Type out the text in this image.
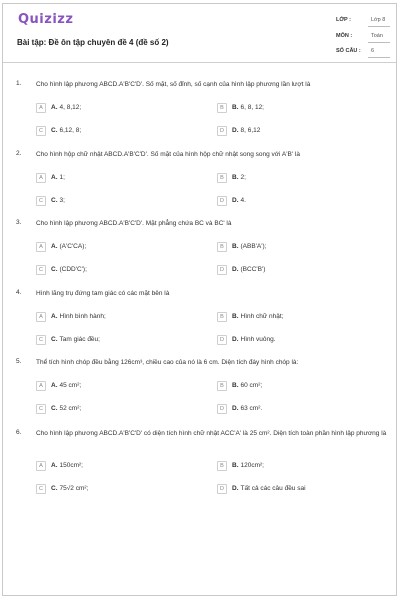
Quizizz
Bài tập: Đề ôn tập chuyên đề 4 (đề số 2)
LỚP :	Lớp 8
MÔN :	Toán
SỐ CÂU : 6
1. Cho hình lập phương ABCD.A'B'C'D'. Số mặt, số đỉnh, số cạnh của hình lập phương lần lượt là
A	A. 4, 8,12;	B	B. 6, 8, 12;
C	C. 6,12, 8;	D	D. 8, 6,12
2. Cho hình hộp chữ nhật ABCD.A'B'C'D'. Số mặt của hình hộp chữ nhật song song với A'B' là
A	A. 1;	B	B. 2;
C	C. 3;	D	D. 4.
3. Cho hình lập phương ABCD.A'B'C'D'. Mặt phẳng chứa BC và BC' là
A	A. (A'C'CA);	B	B. (ABB'A');
C	C. (CDD'C');	D	D. (BCC'B')
4. Hình lăng trụ đứng tam giác có các mặt bên là
A	A. Hình bình hành;	B	B. Hình chữ nhật;
C	C. Tam giác đều;	D	D. Hình vuông.
5. Thể tích hình chóp đều bằng 126cm³, chiều cao của nó là 6 cm. Diện tích đáy hình chóp là:
A	A. 45 cm²;	B	B. 60 cm²;
C	C. 52 cm²;	D	D. 63 cm².
6. Cho hình lập phương ABCD.A'B'C'D' có diện tích hình chữ nhật ACC'A' là 25 cm². Diện tích toàn phần hình lập phương là
A	A. 150cm²;	B	B. 120cm²;
C	C. 75√2 cm²;	D	D. Tất cả các câu đều sai
